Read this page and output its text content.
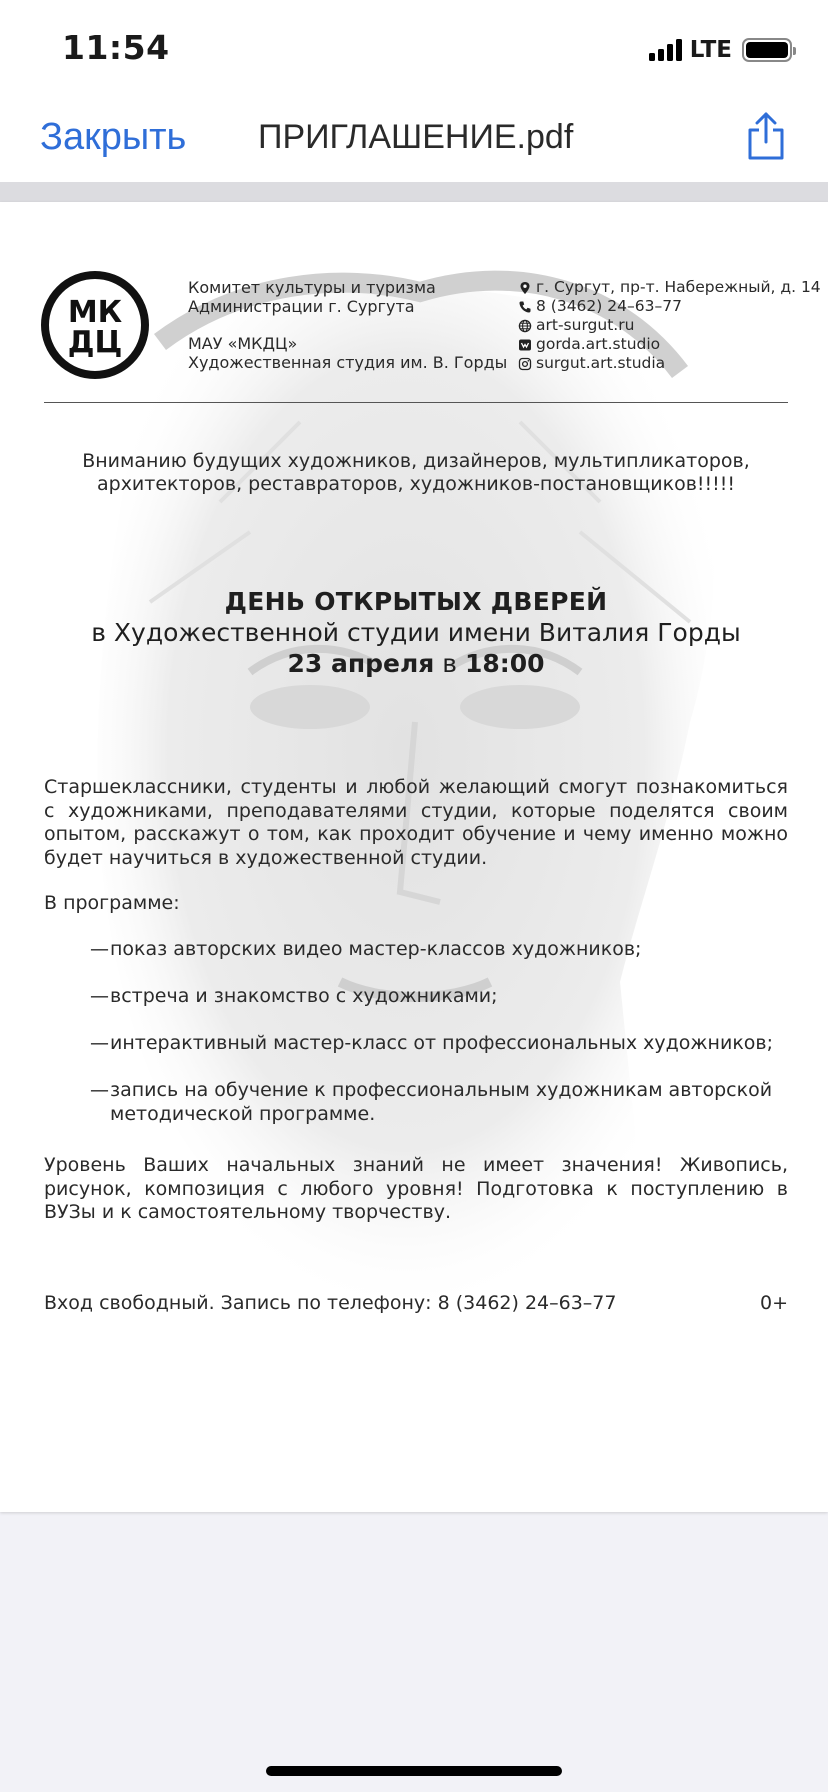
11:54	LTE
Закрыть ПРИГЛАШЕНИЕ.pdf
МК
ДЦ
Комитет культуры и туризма
Администрации г. Сургута
МАУ «МКДЦ»
Художественная студия им. В. Горды
г. Сургут, пр-т. Набережный, д. 14
8 (3462) 24–63–77
art-surgut.ru
gorda.art.studio
surgut.art.studia
Вниманию будущих художников, дизайнеров, мультипликаторов,
архитекторов, реставраторов, художников-постановщиков!!!!!
ДЕНЬ ОТКРЫТЫХ ДВЕРЕЙ
в Художественной студии имени Виталия Горды
23 апреля в 18:00
Старшеклассники, студенты и любой желающий смогут познакомиться с художниками, преподавателями студии, которые поделятся своим опытом, расскажут о том, как проходит обучение и чему именно можно будет научиться в художественной студии.
В программе:
— показ авторских видео мастер-классов художников;
— встреча и знакомство с художниками;
— интерактивный мастер-класс от профессиональных художников;
— запись на обучение к профессиональным художникам авторской методической программе.
Уровень Ваших начальных знаний не имеет значения! Живопись, рисунок, композиция с любого уровня! Подготовка к поступлению в ВУЗы и к самостоятельному творчеству.
Вход свободный. Запись по телефону: 8 (3462) 24–63–77	0+
